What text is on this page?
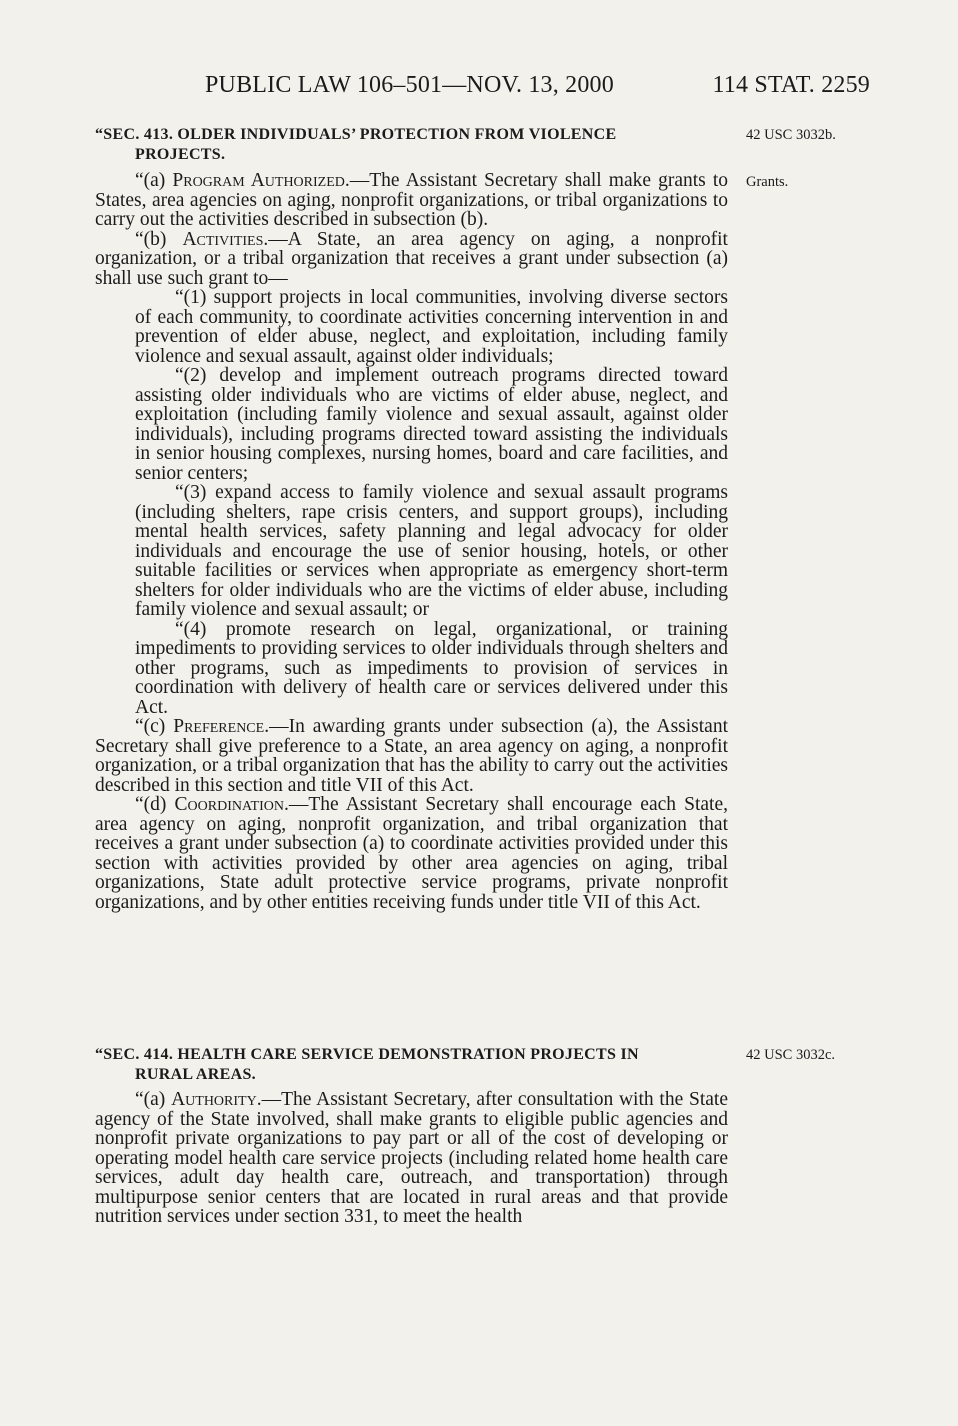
PUBLIC LAW 106–501—NOV. 13, 2000	114 STAT. 2259
“SEC. 413. OLDER INDIVIDUALS’ PROTECTION FROM VIOLENCE
PROJECTS.
42 USC 3032b.
Grants.

“(a) Program Authorized.—The Assistant Secretary shall make grants to States, area agencies on aging, nonprofit organizations, or tribal organizations to carry out the activities described in subsection (b).

“(b) Activities.—A State, an area agency on aging, a nonprofit organization, or a tribal organization that receives a grant under subsection (a) shall use such grant to—

“(1) support projects in local communities, involving diverse sectors of each community, to coordinate activities concerning intervention in and prevention of elder abuse, neglect, and exploitation, including family violence and sexual assault, against older individuals;

“(2) develop and implement outreach programs directed toward assisting older individuals who are victims of elder abuse, neglect, and exploitation (including family violence and sexual assault, against older individuals), including programs directed toward assisting the individuals in senior housing complexes, nursing homes, board and care facilities, and senior centers;

“(3) expand access to family violence and sexual assault programs (including shelters, rape crisis centers, and support groups), including mental health services, safety planning and legal advocacy for older individuals and encourage the use of senior housing, hotels, or other suitable facilities or services when appropriate as emergency short-term shelters for older individuals who are the victims of elder abuse, including family violence and sexual assault; or

“(4) promote research on legal, organizational, or training impediments to providing services to older individuals through shelters and other programs, such as impediments to provision of services in coordination with delivery of health care or services delivered under this Act.

“(c) Preference.—In awarding grants under subsection (a), the Assistant Secretary shall give preference to a State, an area agency on aging, a nonprofit organization, or a tribal organization that has the ability to carry out the activities described in this section and title VII of this Act.

“(d) Coordination.—The Assistant Secretary shall encourage each State, area agency on aging, nonprofit organization, and tribal organization that receives a grant under subsection (a) to coordinate activities provided under this section with activities provided by other area agencies on aging, tribal organizations, State adult protective service programs, private nonprofit organizations, and by other entities receiving funds under title VII of this Act.

“SEC. 414. HEALTH CARE SERVICE DEMONSTRATION PROJECTS IN
RURAL AREAS.
42 USC 3032c.

“(a) Authority.—The Assistant Secretary, after consultation with the State agency of the State involved, shall make grants to eligible public agencies and nonprofit private organizations to pay part or all of the cost of developing or operating model health care service projects (including related home health care services, adult day health care, outreach, and transportation) through multipurpose senior centers that are located in rural areas and that provide nutrition services under section 331, to meet the health
